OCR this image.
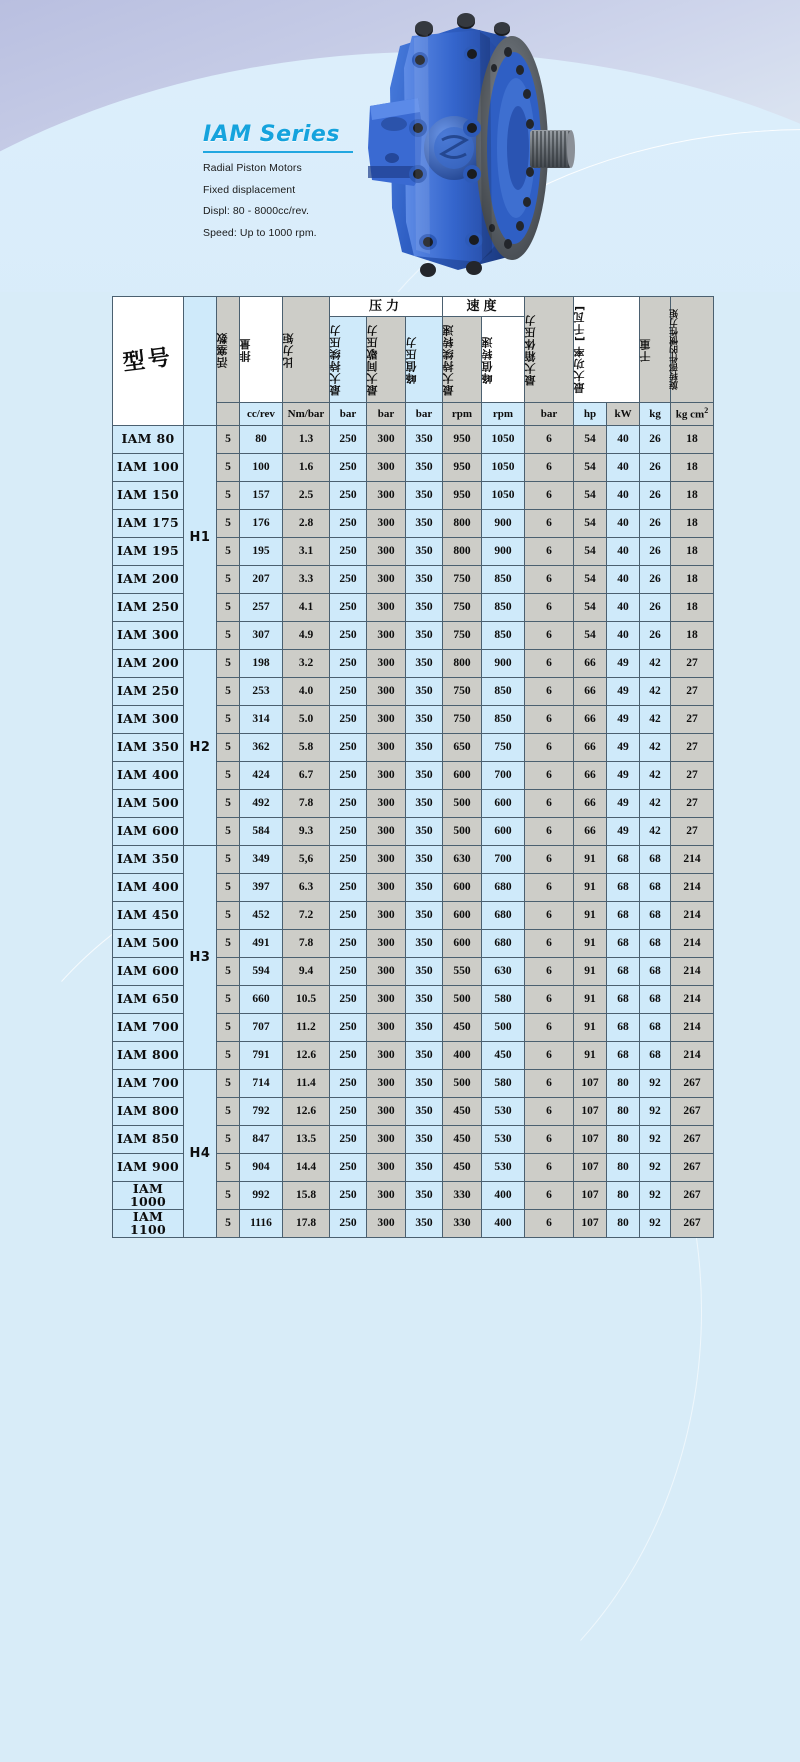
IAM Series
Radial Piston Motors
Fixed displacement
Displ: 80 - 8000cc/rev.
Speed: Up to 1000 rpm.
型号		活塞数	排量	比力矩	压力			速度		最大箱体压力	最大功率 [千瓦]		干重	旋转部件的惯性力矩

					最大持续压力	最大间歇压力	峰值压力	最大持续转速	峰值转速					

			cc/rev	Nm/bar	bar	bar	bar	rpm	rpm	bar	hp	kW	kg	kg $cm^2$
IAM 80	H1	5	80	1.3	250	300	350	950	1050	6	54	40	26	18
IAM 100		5	100	1.6	250	300	350	950	1050	6	54	40	26	18
IAM 150		5	157	2.5	250	300	350	950	1050	6	54	40	26	18
IAM 175		5	176	2.8	250	300	350	800	900	6	54	40	26	18
IAM 195		5	195	3.1	250	300	350	800	900	6	54	40	26	18
IAM 200		5	207	3.3	250	300	350	750	850	6	54	40	26	18
IAM 250		5	257	4.1	250	300	350	750	850	6	54	40	26	18
IAM 300		5	307	4.9	250	300	350	750	850	6	54	40	26	18
IAM 200	H2	5	198	3.2	250	300	350	800	900	6	66	49	42	27
IAM 250		5	253	4.0	250	300	350	750	850	6	66	49	42	27
IAM 300		5	314	5.0	250	300	350	750	850	6	66	49	42	27
IAM 350		5	362	5.8	250	300	350	650	750	6	66	49	42	27
IAM 400		5	424	6.7	250	300	350	600	700	6	66	49	42	27
IAM 500		5	492	7.8	250	300	350	500	600	6	66	49	42	27
IAM 600		5	584	9.3	250	300	350	500	600	6	66	49	42	27
IAM 350	H3	5	349	5,6	250	300	350	630	700	6	91	68	68	214
IAM 400		5	397	6.3	250	300	350	600	680	6	91	68	68	214
IAM 450		5	452	7.2	250	300	350	600	680	6	91	68	68	214
IAM 500		5	491	7.8	250	300	350	600	680	6	91	68	68	214
IAM 600		5	594	9.4	250	300	350	550	630	6	91	68	68	214
IAM 650		5	660	10.5	250	300	350	500	580	6	91	68	68	214
IAM 700		5	707	11.2	250	300	350	450	500	6	91	68	68	214
IAM 800		5	791	12.6	250	300	350	400	450	6	91	68	68	214
IAM 700	H4	5	714	11.4	250	300	350	500	580	6	107	80	92	267
IAM 800		5	792	12.6	250	300	350	450	530	6	107	80	92	267
IAM 850		5	847	13.5	250	300	350	450	530	6	107	80	92	267
IAM 900		5	904	14.4	250	300	350	450	530	6	107	80	92	267
IAM 1000		5	992	15.8	250	300	350	330	400	6	107	80	92	267
IAM 1100		5	1116	17.8	250	300	350	330	400	6	107	80	92	267
